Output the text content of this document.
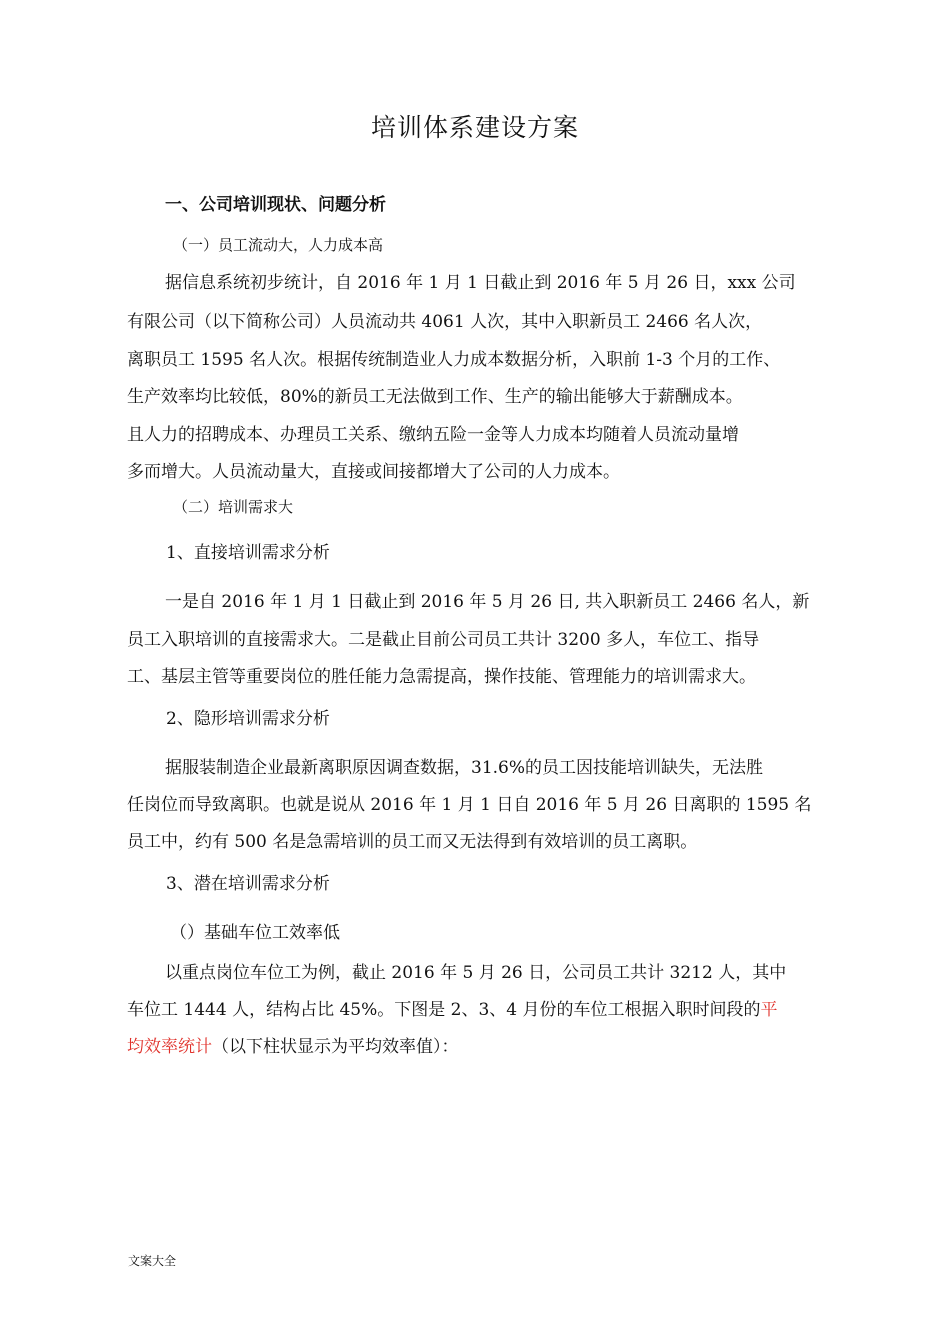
培训体系建设方案
一、公司培训现状、问题分析
（一）员工流动大，人力成本高
据信息系统初步统计，自 2016 年 1 月 1 日截止到 2016 年 5 月 26 日，xxx 公司
有限公司（以下简称公司）人员流动共 4061 人次，其中入职新员工 2466 名人次，
离职员工 1595 名人次。根据传统制造业人力成本数据分析，入职前 1-3 个月的工作、
生产效率均比较低，80%的新员工无法做到工作、生产的输出能够大于薪酬成本。
且人力的招聘成本、办理员工关系、缴纳五险一金等人力成本均随着人员流动量增
多而增大。人员流动量大，直接或间接都增大了公司的人力成本。
（二）培训需求大
1、直接培训需求分析
一是自 2016 年 1 月 1 日截止到 2016 年 5 月 26 日, 共入职新员工 2466 名人，新
员工入职培训的直接需求大。二是截止目前公司员工共计 3200 多人，车位工、指导
工、基层主管等重要岗位的胜任能力急需提高，操作技能、管理能力的培训需求大。
2、隐形培训需求分析
据服装制造企业最新离职原因调查数据，31.6%的员工因技能培训缺失，无法胜
任岗位而导致离职。也就是说从 2016 年 1 月 1 日自 2016 年 5 月 26 日离职的 1595 名
员工中，约有 500 名是急需培训的员工而又无法得到有效培训的员工离职。
3、潜在培训需求分析
（）基础车位工效率低
以重点岗位车位工为例，截止 2016 年 5 月 26 日，公司员工共计 3212 人，其中
车位工 1444 人，结构占比 45%。下图是 2、3、4 月份的车位工根据入职时间段的平
均效率统计（以下柱状显示为平均效率值）：
文案大全
